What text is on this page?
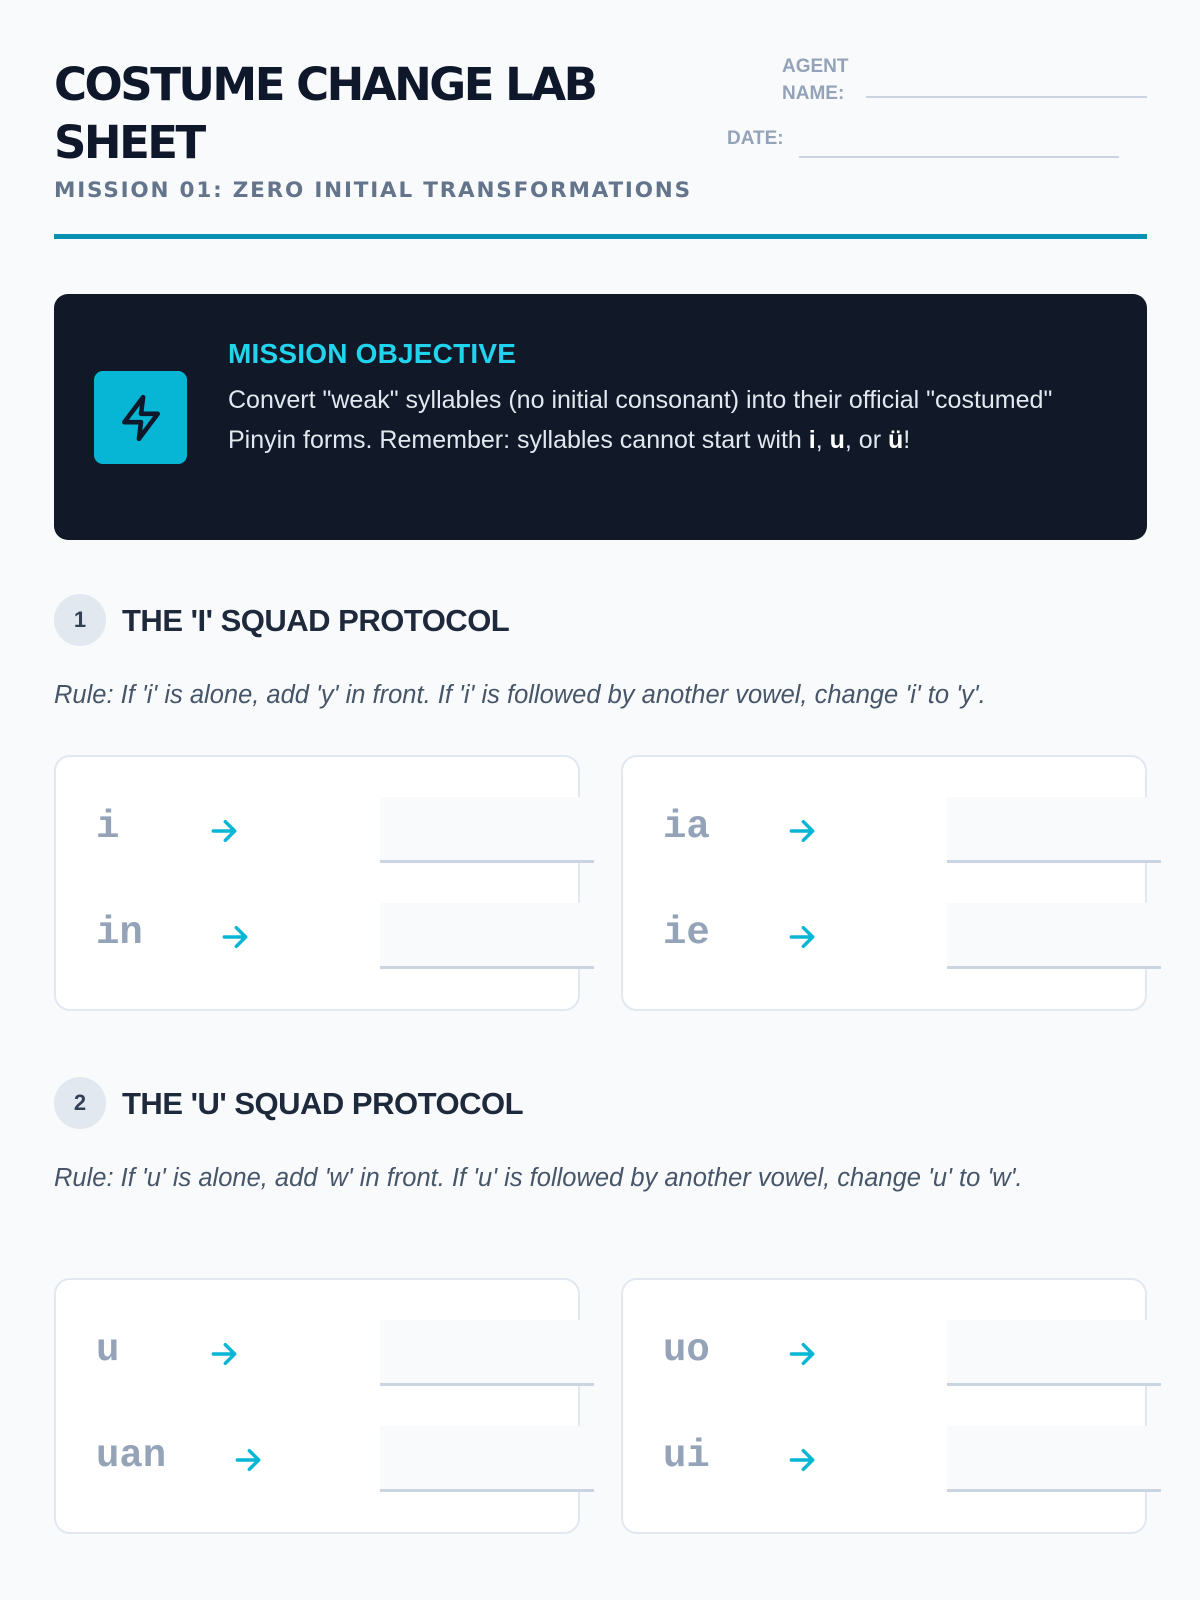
COSTUME CHANGE LAB SHEET
MISSION 01: ZERO INITIAL TRANSFORMATIONS
AGENT NAME:
DATE:
MISSION OBJECTIVE
Convert "weak" syllables (no initial consonant) into their official "costumed" Pinyin forms. Remember: syllables cannot start with i, u, or ü!
1	THE 'I' SQUAD PROTOCOL
Rule: If 'i' is alone, add 'y' in front. If 'i' is followed by another vowel, change 'i' to 'y'.
i
in
ia
ie
2	THE 'U' SQUAD PROTOCOL
Rule: If 'u' is alone, add 'w' in front. If 'u' is followed by another vowel, change 'u' to 'w'.
u
uan
uo
ui
